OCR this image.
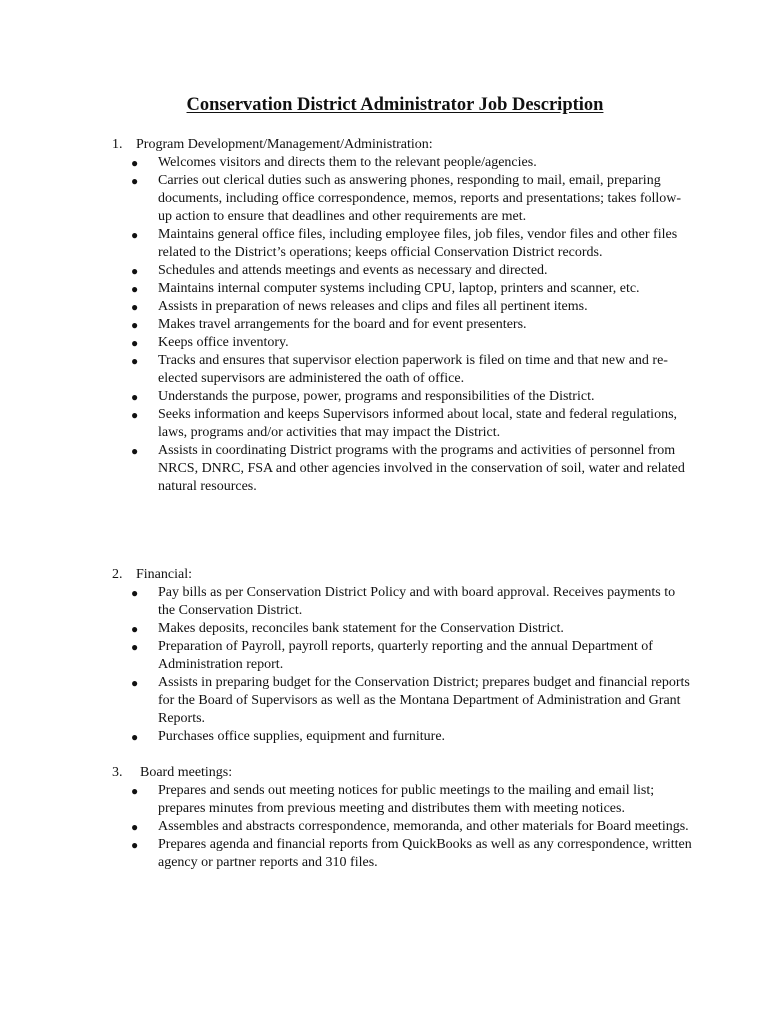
Conservation District Administrator Job Description
1. Program Development/Management/Administration:
● Welcomes visitors and directs them to the relevant people/agencies.
● Carries out clerical duties such as answering phones, responding to mail, email, preparing documents, including office correspondence, memos, reports and presentations; takes follow-up action to ensure that deadlines and other requirements are met.
● Maintains general office files, including employee files, job files, vendor files and other files related to the District’s operations; keeps official Conservation District records.
● Schedules and attends meetings and events as necessary and directed.
● Maintains internal computer systems including CPU, laptop, printers and scanner, etc.
● Assists in preparation of news releases and clips and files all pertinent items.
● Makes travel arrangements for the board and for event presenters.
● Keeps office inventory.
● Tracks and ensures that supervisor election paperwork is filed on time and that new and re-elected supervisors are administered the oath of office.
● Understands the purpose, power, programs and responsibilities of the District.
● Seeks information and keeps Supervisors informed about local, state and federal regulations, laws, programs and/or activities that may impact the District.
● Assists in coordinating District programs with the programs and activities of personnel from NRCS, DNRC, FSA and other agencies involved in the conservation of soil, water and related natural resources.
2. Financial:
● Pay bills as per Conservation District Policy and with board approval. Receives payments to the Conservation District.
● Makes deposits, reconciles bank statement for the Conservation District.
● Preparation of Payroll, payroll reports, quarterly reporting and the annual Department of Administration report.
● Assists in preparing budget for the Conservation District; prepares budget and financial reports for the Board of Supervisors as well as the Montana Department of Administration and Grant Reports.
● Purchases office supplies, equipment and furniture.
3.	Board meetings:
● Prepares and sends out meeting notices for public meetings to the mailing and email list; prepares minutes from previous meeting and distributes them with meeting notices.
● Assembles and abstracts correspondence, memoranda, and other materials for Board meetings.
● Prepares agenda and financial reports from QuickBooks as well as any correspondence, written agency or partner reports and 310 files.
